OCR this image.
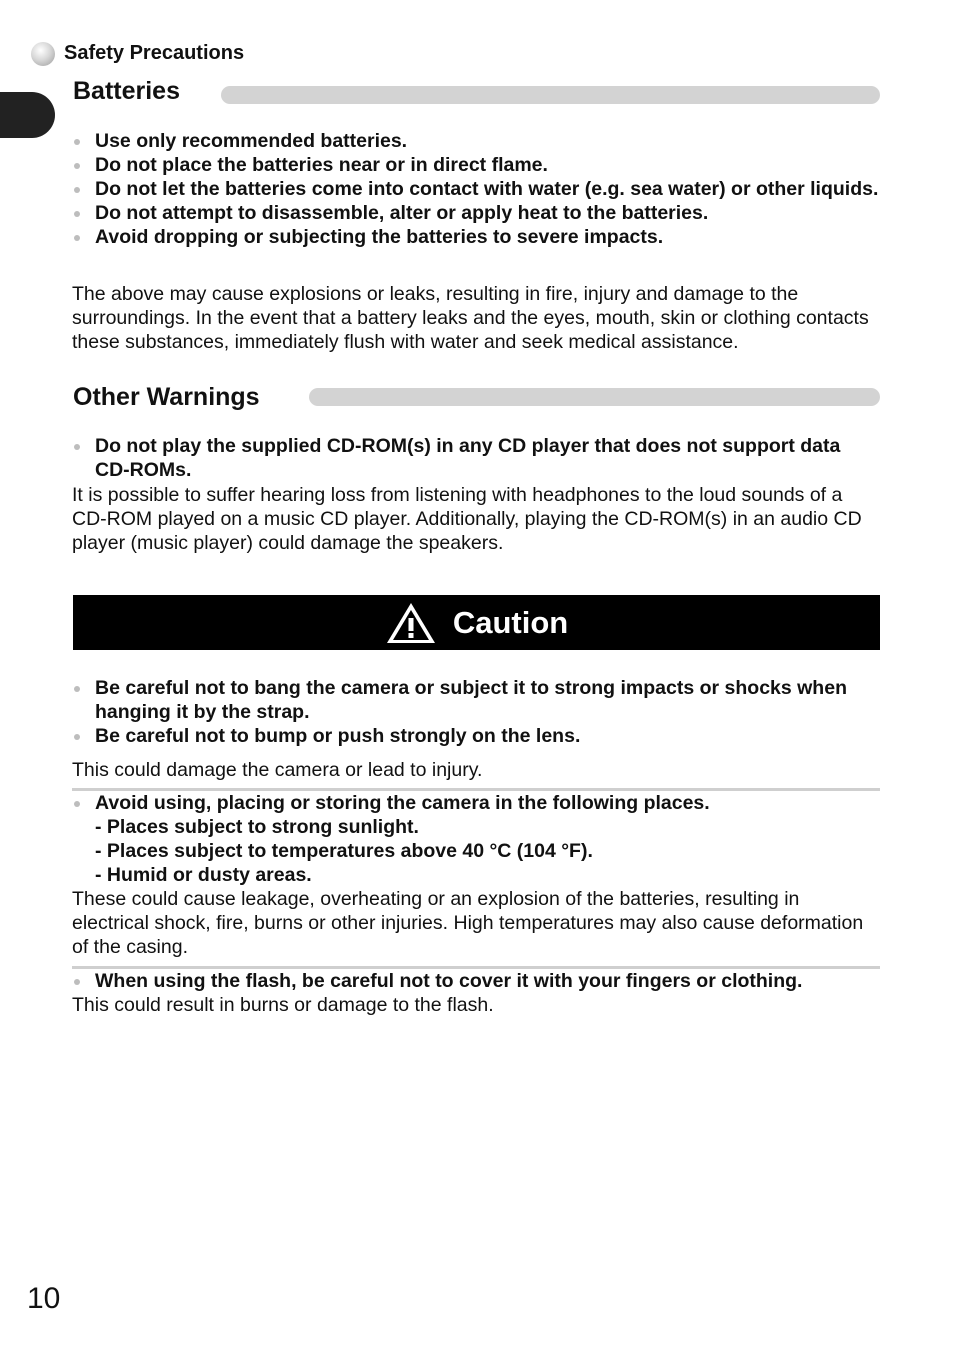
Safety Precautions
Batteries
Use only recommended batteries.
Do not place the batteries near or in direct flame.
Do not let the batteries come into contact with water (e.g. sea water) or other liquids.
Do not attempt to disassemble, alter or apply heat to the batteries.
Avoid dropping or subjecting the batteries to severe impacts.
The above may cause explosions or leaks, resulting in fire, injury and damage to the surroundings. In the event that a battery leaks and the eyes, mouth, skin or clothing contacts these substances, immediately flush with water and seek medical assistance.
Other Warnings
Do not play the supplied CD-ROM(s) in any CD player that does not support data CD-ROMs.
It is possible to suffer hearing loss from listening with headphones to the loud sounds of a CD-ROM played on a music CD player. Additionally, playing the CD-ROM(s) in an audio CD player (music player) could damage the speakers.
Caution
Be careful not to bang the camera or subject it to strong impacts or shocks when hanging it by the strap.
Be careful not to bump or push strongly on the lens.
This could damage the camera or lead to injury.
Avoid using, placing or storing the camera in the following places.
- Places subject to strong sunlight.
- Places subject to temperatures above 40 °C (104 °F).
- Humid or dusty areas.
These could cause leakage, overheating or an explosion of the batteries, resulting in electrical shock, fire, burns or other injuries. High temperatures may also cause deformation of the casing.
When using the flash, be careful not to cover it with your fingers or clothing.
This could result in burns or damage to the flash.
10
